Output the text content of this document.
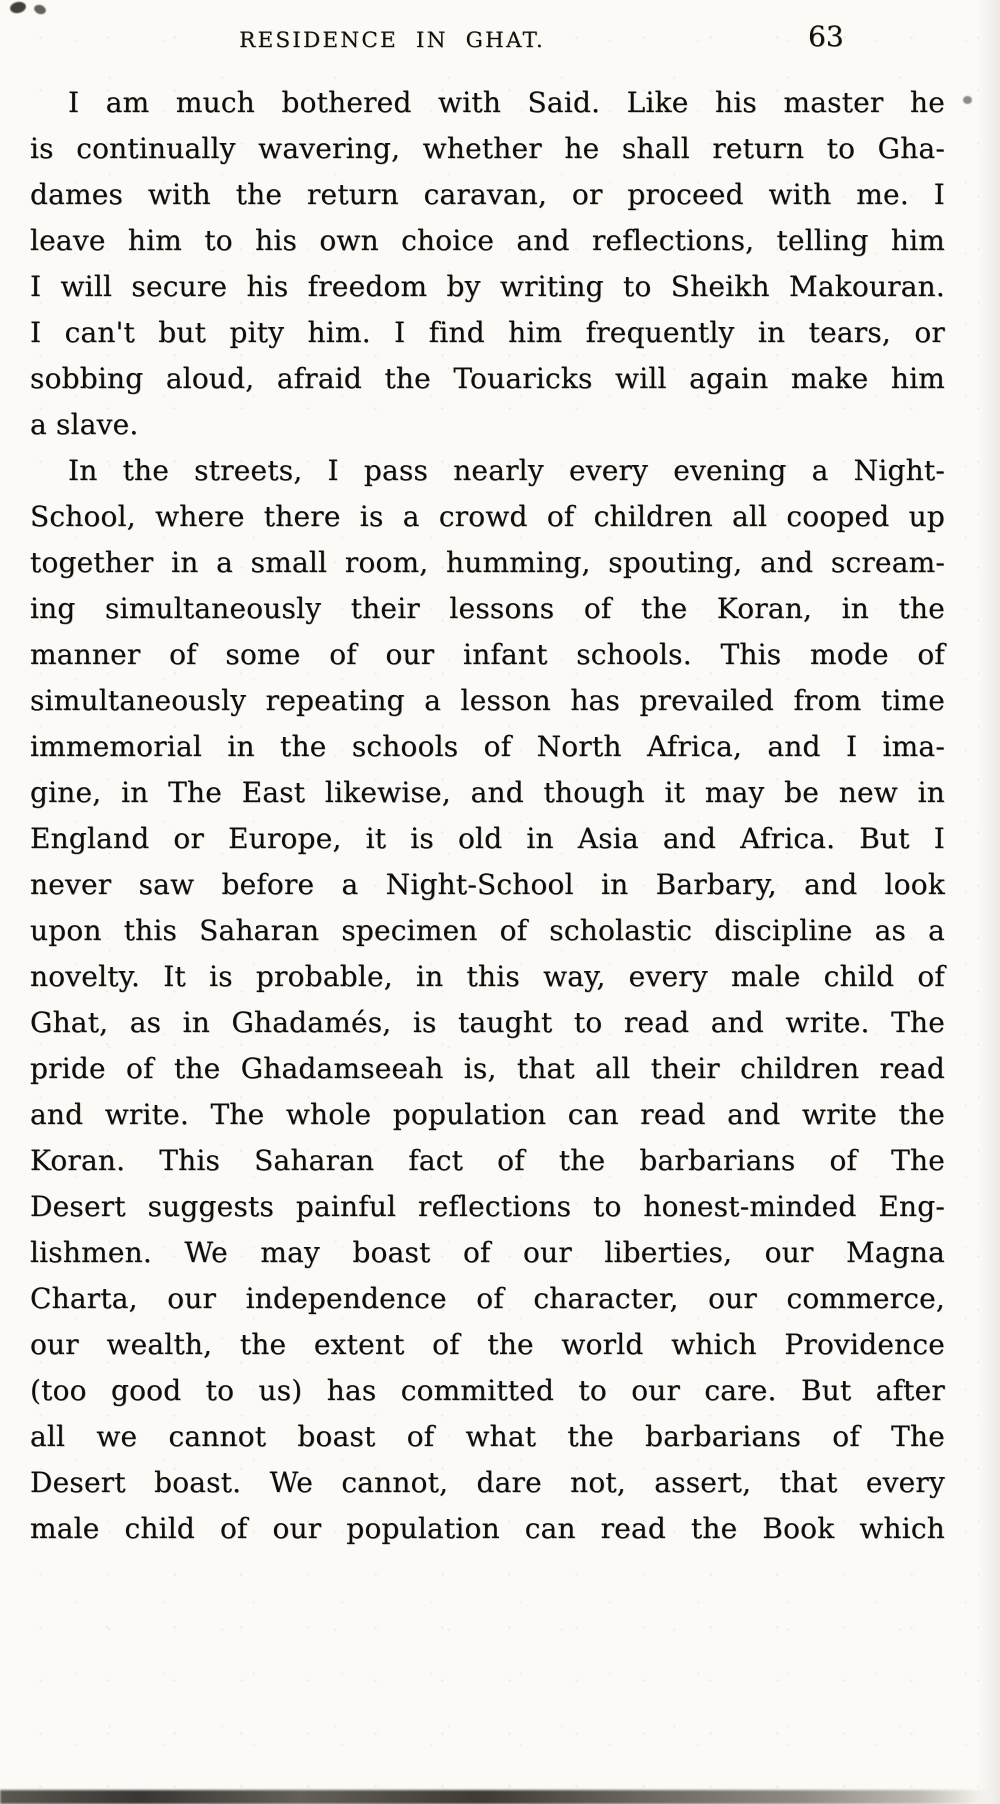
RESIDENCE IN GHAT.	63
I am much bothered with Said. Like his master he
is continually wavering, whether he shall return to Gha-
dames with the return caravan, or proceed with me. I
leave him to his own choice and reflections, telling him
I will secure his freedom by writing to Sheikh Makouran.
I can't but pity him. I find him frequently in tears, or
sobbing aloud, afraid the Touaricks will again make him
a slave.
In the streets, I pass nearly every evening a Night-
School, where there is a crowd of children all cooped up
together in a small room, humming, spouting, and scream-
ing simultaneously their lessons of the Koran, in the
manner of some of our infant schools. This mode of
simultaneously repeating a lesson has prevailed from time
immemorial in the schools of North Africa, and I ima-
gine, in The East likewise, and though it may be new in
England or Europe, it is old in Asia and Africa. But I
never saw before a Night-School in Barbary, and look
upon this Saharan specimen of scholastic discipline as a
novelty. It is probable, in this way, every male child of
Ghat, as in Ghadamés, is taught to read and write. The
pride of the Ghadamseeah is, that all their children read
and write. The whole population can read and write the
Koran. This Saharan fact of the barbarians of The
Desert suggests painful reflections to honest-minded Eng-
lishmen. We may boast of our liberties, our Magna
Charta, our independence of character, our commerce,
our wealth, the extent of the world which Providence
(too good to us) has committed to our care. But after
all we cannot boast of what the barbarians of The
Desert boast. We cannot, dare not, assert, that every
male child of our population can read the Book which
